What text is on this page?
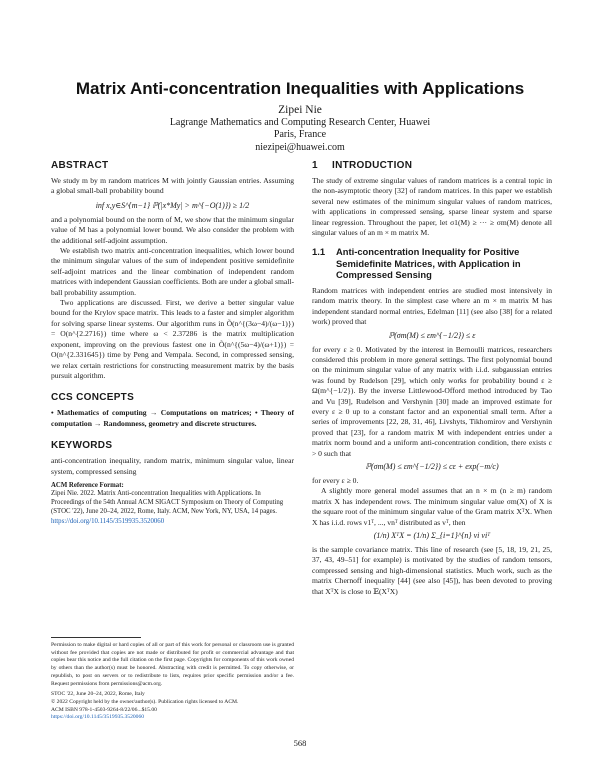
Matrix Anti-concentration Inequalities with Applications
Zipei Nie
Lagrange Mathematics and Computing Research Center, Huawei
Paris, France
niezipei@huawei.com
ABSTRACT

We study m by m random matrices M with jointly Gaussian entries. Assuming a global small-ball probability bound

inf x,y∈S^{m−1} ℙ(|x*My| > m^{−O(1)}) ≥ 1/2

and a polynomial bound on the norm of M, we show that the minimum singular value of M has a polynomial lower bound. We also consider the problem with the additional self-adjoint assumption.

We establish two matrix anti-concentration inequalities, which lower bound the minimum singular values of the sum of independent positive semidefinite self-adjoint matrices and the linear combination of independent random matrices with independent Gaussian coefficients. Both are under a global small-ball probability assumption.

Two applications are discussed. First, we derive a better singular value bound for the Krylov space matrix. This leads to a faster and simpler algorithm for solving sparse linear systems. Our algorithm runs in Õ(n^{(3ω−4)/(ω−1)}) = O(n^{2.2716}) time where ω < 2.37286 is the matrix multiplication exponent, improving on the previous fastest one in Õ(n^{(5ω−4)/(ω+1)}) = O(n^{2.331645}) time by Peng and Vempala. Second, in compressed sensing, we relax certain restrictions for constructing measurement matrix by the basis pursuit algorithm.

CCS CONCEPTS

• Mathematics of computing → Computations on matrices; • Theory of computation → Randomness, geometry and discrete structures.

KEYWORDS

anti-concentration inequality, random matrix, minimum singular value, linear system, compressed sensing

ACM Reference Format:
Zipei Nie. 2022. Matrix Anti-concentration Inequalities with Applications. In Proceedings of the 54th Annual ACM SIGACT Symposium on Theory of Computing (STOC '22), June 20–24, 2022, Rome, Italy. ACM, New York, NY, USA, 14 pages. https://doi.org/10.1145/3519935.3520060
Permission to make digital or hard copies of all or part of this work for personal or classroom use is granted without fee provided that copies are not made or distributed for profit or commercial advantage and that copies bear this notice and the full citation on the first page. Copyrights for components of this work owned by others than the author(s) must be honored. Abstracting with credit is permitted. To copy otherwise, or republish, to post on servers or to redistribute to lists, requires prior specific permission and/or a fee. Request permissions from permissions@acm.org.
STOC '22, June 20–24, 2022, Rome, Italy
© 2022 Copyright held by the owner/author(s). Publication rights licensed to ACM.
ACM ISBN 978-1-4503-9264-8/22/06...$15.00
https://doi.org/10.1145/3519935.3520060
1 INTRODUCTION

The study of extreme singular values of random matrices is a central topic in the non-asymptotic theory [32] of random matrices. In this paper we establish several new estimates of the minimum singular values of random matrices, with applications in compressed sensing, sparse linear system and sparse linear regression. Throughout the paper, let σ1(M) ≥ ··· ≥ σm(M) denote all singular values of an m × m matrix M.

1.1	Anti-concentration Inequality for Positive Semidefinite Matrices, with Application in Compressed Sensing

Random matrices with independent entries are studied most intensively in random matrix theory. In the simplest case where an m × m matrix M has independent standard normal entries, Edelman [11] (see also [38] for a related work) proved that

ℙ(σm(M) ≤ εm^{−1/2}) ≤ ε

for every ε ≥ 0. Motivated by the interest in Bernoulli matrices, researchers considered this problem in more general settings. The first polynomial bound on the minimum singular value of any matrix with i.i.d. subgaussian entries was found by Rudelson [29], which only works for probability bound ε ≥ Ω(m^{−1/2}). By the inverse Littlewood-Offord method introduced by Tao and Vu [39], Rudelson and Vershynin [30] made an improved estimate for every ε ≥ 0 up to a constant factor and an exponential small term. After a series of improvements [22, 28, 31, 46], Livshyts, Tikhomirov and Vershynin proved that [23], for a random matrix M with independent entries under a matrix norm bound and a uniform anti-concentration condition, there exists c > 0 such that

ℙ(σm(M) ≤ εm^{−1/2}) ≤ cε + exp(−m/c)

for every ε ≥ 0.

A slightly more general model assumes that an n × m (n ≥ m) random matrix X has independent rows. The minimum singular value σm(X) of X is the square root of the minimum singular value of the Gram matrix XᵀX. When X has i.i.d. rows v1ᵀ, ..., vnᵀ distributed as vᵀ, then

(1/n) XᵀX = (1/n) Σ_{i=1}^{n} vi viᵀ

is the sample covariance matrix. This line of research (see [5, 18, 19, 21, 25, 37, 43, 49–51] for example) is motivated by the studies of random tensors, compressed sensing and high-dimensional statistics. Much work, such as the matrix Chernoff inequality [44] (see also [45]), has been devoted to proving that XᵀX is close to 𝔼(XᵀX)

568
